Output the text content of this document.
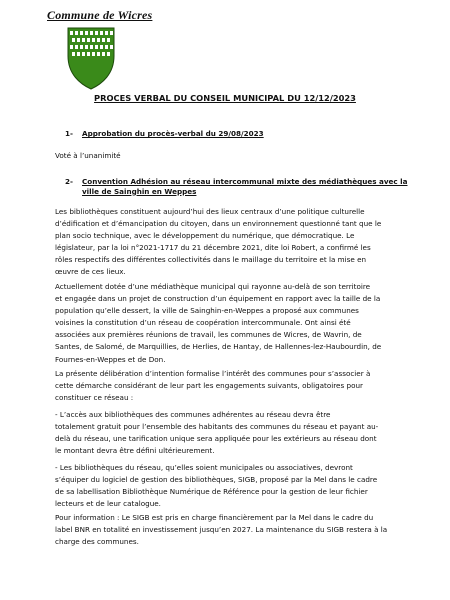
Commune de Wicres
PROCES VERBAL DU CONSEIL MUNICIPAL DU 12/12/2023
1- Approbation du procès-verbal du 29/08/2023
Voté à l’unanimité
2- Convention Adhésion au réseau intercommunal mixte des médiathèques avec la
ville de Sainghin en Weppes
Les bibliothèques constituent aujourd’hui des lieux centraux d’une politique culturelle
d’édification et d’émancipation du citoyen, dans un environnement questionné tant que le
plan socio technique, avec le développement du numérique, que démocratique. Le
législateur, par la loi n°2021-1717 du 21 décembre 2021, dite loi Robert, a confirmé les
rôles respectifs des différentes collectivités dans le maillage du territoire et la mise en
œuvre de ces lieux.
Actuellement dotée d’une médiathèque municipal qui rayonne au-delà de son territoire
et engagée dans un projet de construction d’un équipement en rapport avec la taille de la
population qu’elle dessert, la ville de Sainghin-en-Weppes a proposé aux communes
voisines la constitution d’un réseau de coopération intercommunale. Ont ainsi été
associées aux premières réunions de travail, les communes de Wicres, de Wavrin, de
Santes, de Salomé, de Marquillies, de Herlies, de Hantay, de Hallennes-lez-Haubourdin, de
Fournes-en-Weppes et de Don.
La présente délibération d’intention formalise l’intérêt des communes pour s’associer à
cette démarche considérant de leur part les engagements suivants, obligatoires pour
constituer ce réseau :
- L’accès aux bibliothèques des communes adhérentes au réseau devra être
totalement gratuit pour l’ensemble des habitants des communes du réseau et payant au-
delà du réseau, une tarification unique sera appliquée pour les extérieurs au réseau dont
le montant devra être défini ultérieurement.
- Les bibliothèques du réseau, qu’elles soient municipales ou associatives, devront
s’équiper du logiciel de gestion des bibliothèques, SIGB, proposé par la Mel dans le cadre
de sa labellisation Bibliothèque Numérique de Référence pour la gestion de leur fichier
lecteurs et de leur catalogue.
Pour information : Le SIGB est pris en charge financièrement par la Mel dans le cadre du
label BNR en totalité en investissement jusqu’en 2027. La maintenance du SIGB restera à la
charge des communes.
